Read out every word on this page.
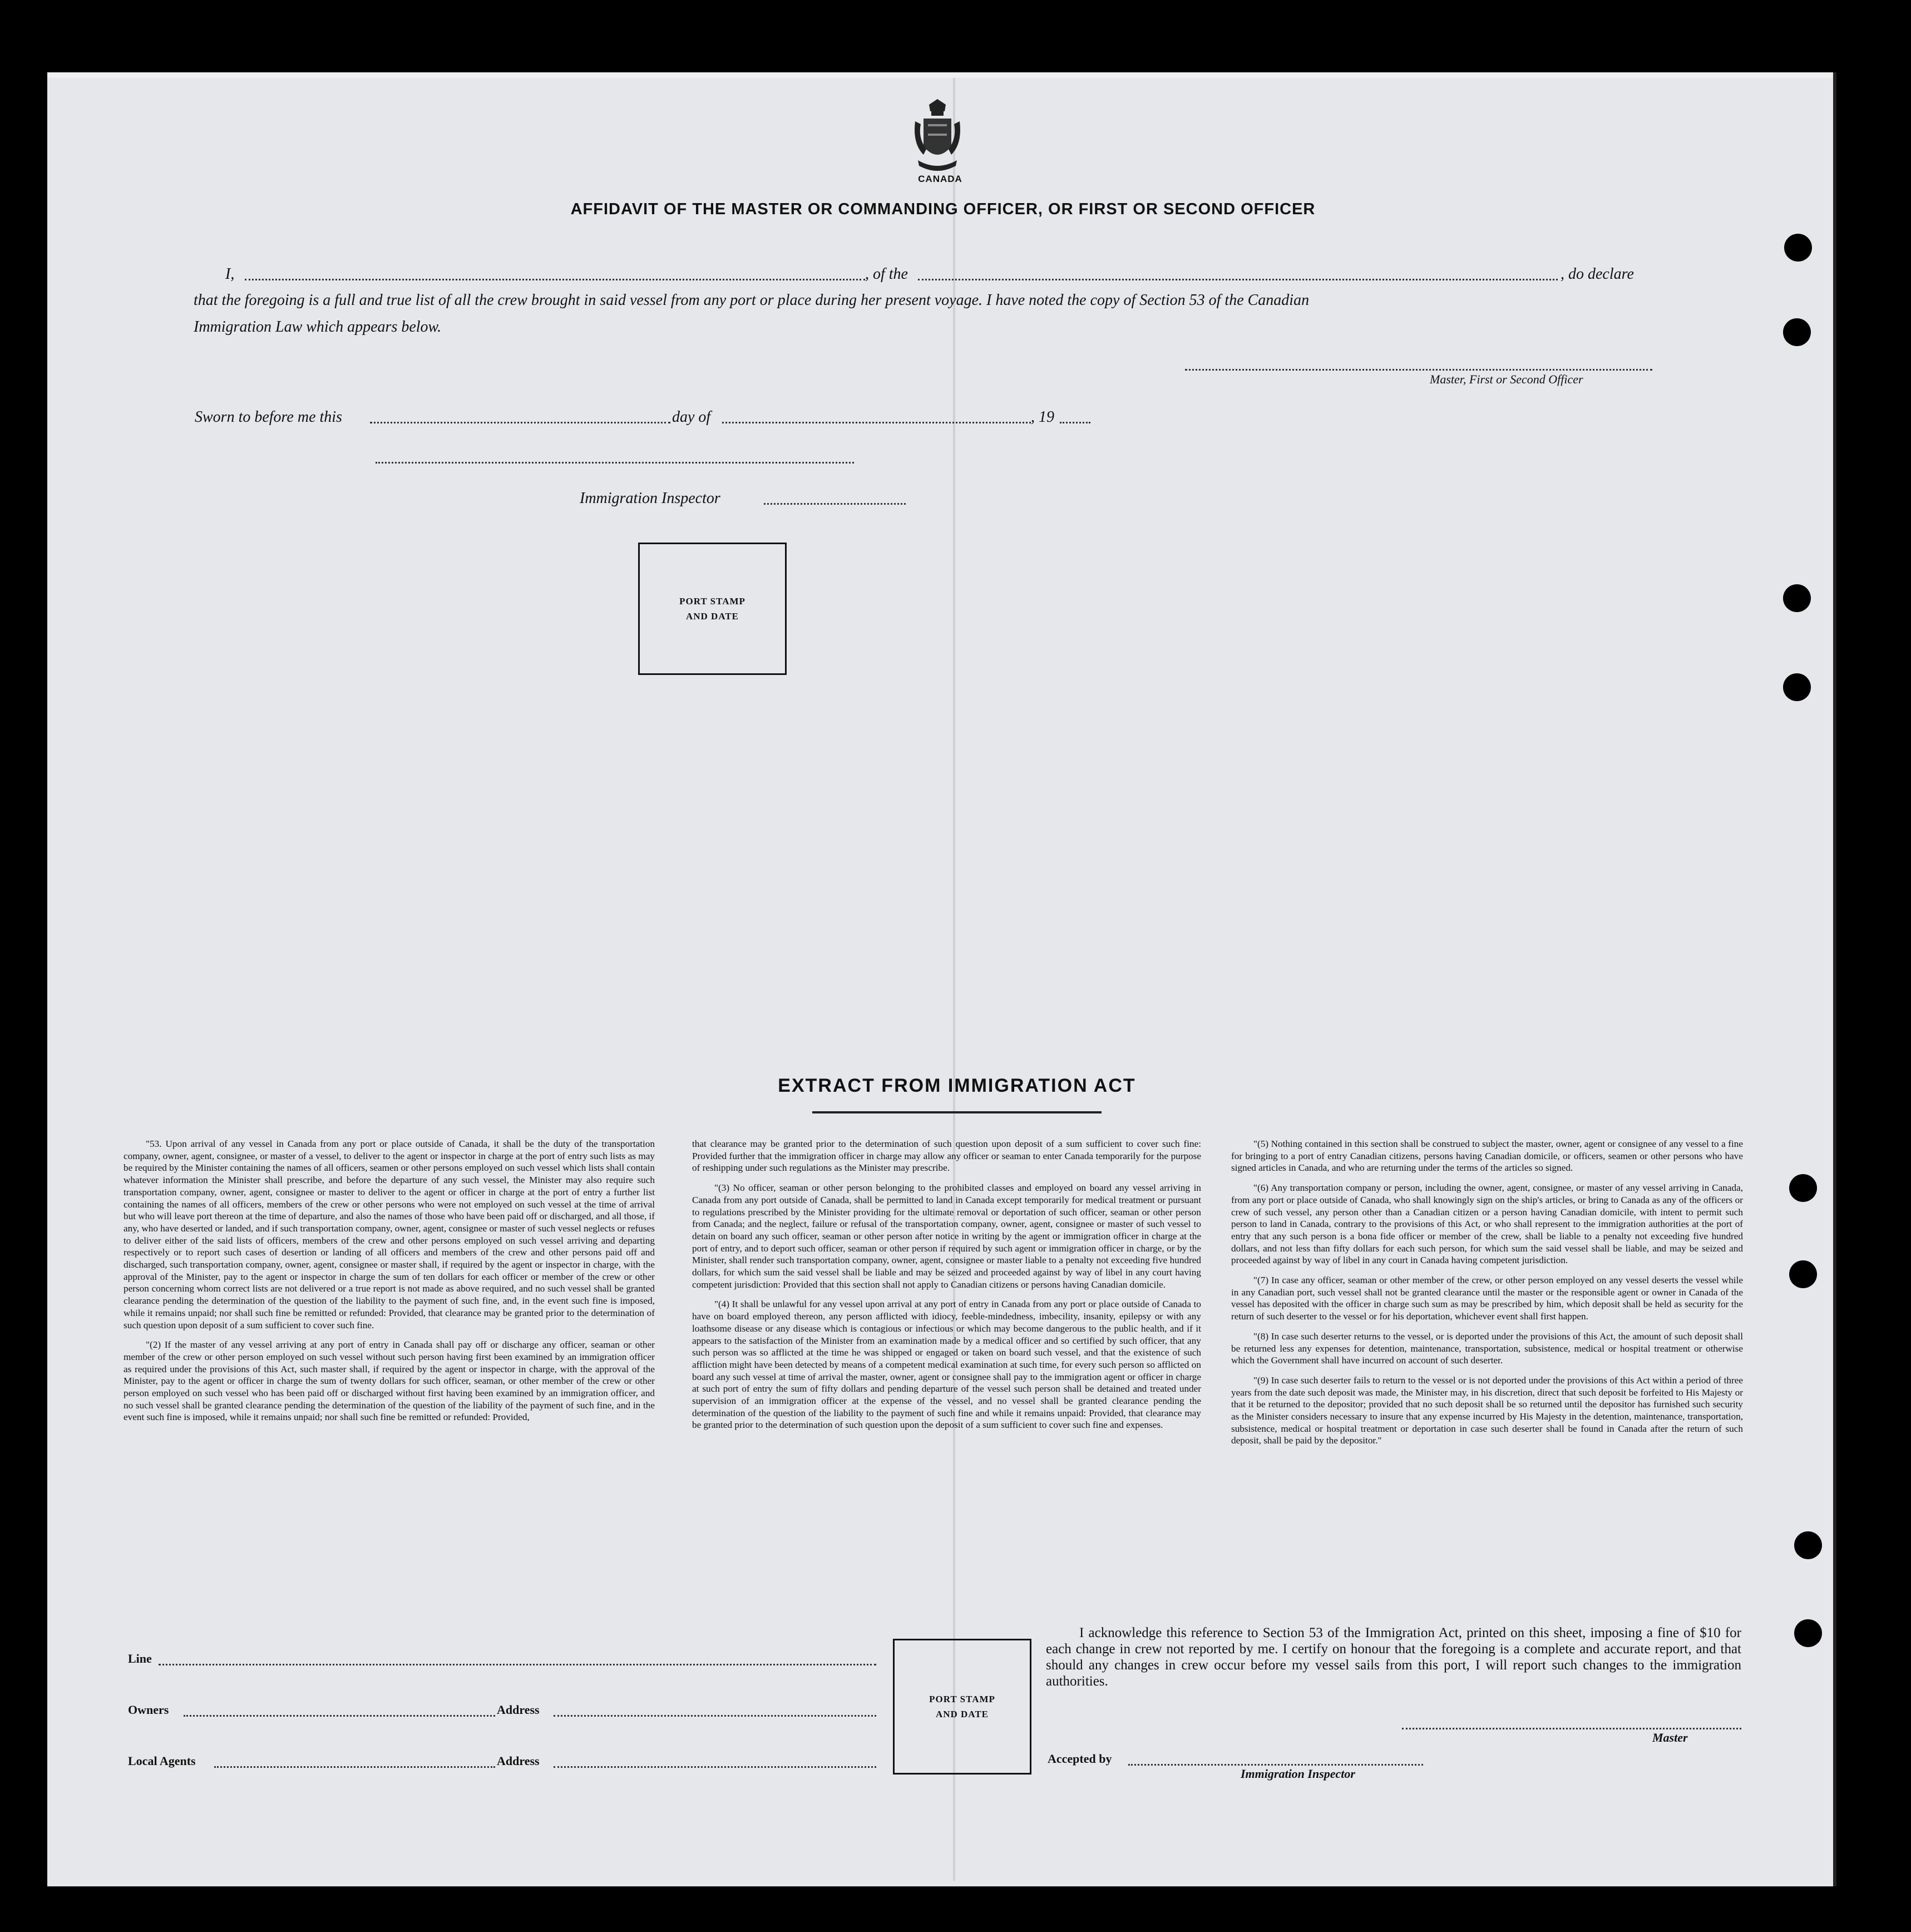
CANADA
AFFIDAVIT OF THE MASTER OR COMMANDING OFFICER, OR FIRST OR SECOND OFFICER
I,	, of the	, do declare
that the foregoing is a full and true list of all the crew brought in said vessel from any port or place during her present voyage. I have noted the copy of Section 53 of the Canadian
Immigration Law which appears below.
Master, First or Second Officer
Sworn to before me this	day of	, 19
Immigration Inspector
PORT STAMP
AND DATE
EXTRACT FROM IMMIGRATION ACT

"53. Upon arrival of any vessel in Canada from any port or place outside of Canada, it shall be the duty of the transportation company, owner, agent, consignee, or master of a vessel, to deliver to the agent or inspector in charge at the port of entry such lists as may be required by the Minister containing the names of all officers, seamen or other persons employed on such vessel which lists shall contain whatever information the Minister shall prescribe, and before the departure of any such vessel, the Minister may also require such transportation company, owner, agent, consignee or master to deliver to the agent or officer in charge at the port of entry a further list containing the names of all officers, members of the crew or other persons who were not employed on such vessel at the time of arrival but who will leave port thereon at the time of departure, and also the names of those who have been paid off or discharged, and all those, if any, who have deserted or landed, and if such transportation company, owner, agent, consignee or master of such vessel neglects or refuses to deliver either of the said lists of officers, members of the crew and other persons employed on such vessel arriving and departing respectively or to report such cases of desertion or landing of all officers and members of the crew and other persons paid off and discharged, such transportation company, owner, agent, consignee or master shall, if required by the agent or inspector in charge, with the approval of the Minister, pay to the agent or inspector in charge the sum of ten dollars for each officer or member of the crew or other person concerning whom correct lists are not delivered or a true report is not made as above required, and no such vessel shall be granted clearance pending the determination of the question of the liability to the payment of such fine, and, in the event such fine is imposed, while it remains unpaid; nor shall such fine be remitted or refunded: Provided, that clearance may be granted prior to the determination of such question upon deposit of a sum sufficient to cover such fine.

"(2) If the master of any vessel arriving at any port of entry in Canada shall pay off or discharge any officer, seaman or other member of the crew or other person employed on such vessel without such person having first been examined by an immigration officer as required under the provisions of this Act, such master shall, if required by the agent or inspector in charge, with the approval of the Minister, pay to the agent or officer in charge the sum of twenty dollars for such officer, seaman, or other member of the crew or other person employed on such vessel who has been paid off or discharged without first having been examined by an immigration officer, and no such vessel shall be granted clearance pending the determination of the question of the liability of the payment of such fine, and in the event such fine is imposed, while it remains unpaid; nor shall such fine be remitted or refunded: Provided,

that clearance may be granted prior to the determination of such question upon deposit of a sum sufficient to cover such fine: Provided further that the immigration officer in charge may allow any officer or seaman to enter Canada temporarily for the purpose of reshipping under such regulations as the Minister may prescribe.

"(3) No officer, seaman or other person belonging to the prohibited classes and employed on board any vessel arriving in Canada from any port outside of Canada, shall be permitted to land in Canada except temporarily for medical treatment or pursuant to regulations prescribed by the Minister providing for the ultimate removal or deportation of such officer, seaman or other person from Canada; and the neglect, failure or refusal of the transportation company, owner, agent, consignee or master of such vessel to detain on board any such officer, seaman or other person after notice in writing by the agent or immigration officer in charge at the port of entry, and to deport such officer, seaman or other person if required by such agent or immigration officer in charge, or by the Minister, shall render such transportation company, owner, agent, consignee or master liable to a penalty not exceeding five hundred dollars, for which sum the said vessel shall be liable and may be seized and proceeded against by way of libel in any court having competent jurisdiction: Provided that this section shall not apply to Canadian citizens or persons having Canadian domicile.

"(4) It shall be unlawful for any vessel upon arrival at any port of entry in Canada from any port or place outside of Canada to have on board employed thereon, any person afflicted with idiocy, feeble-mindedness, imbecility, insanity, epilepsy or with any loathsome disease or any disease which is contagious or infectious or which may become dangerous to the public health, and if it appears to the satisfaction of the Minister from an examination made by a medical officer and so certified by such officer, that any such person was so afflicted at the time he was shipped or engaged or taken on board such vessel, and that the existence of such affliction might have been detected by means of a competent medical examination at such time, for every such person so afflicted on board any such vessel at time of arrival the master, owner, agent or consignee shall pay to the immigration agent or officer in charge at such port of entry the sum of fifty dollars and pending departure of the vessel such person shall be detained and treated under supervision of an immigration officer at the expense of the vessel, and no vessel shall be granted clearance pending the determination of the question of the liability to the payment of such fine and while it remains unpaid: Provided, that clearance may be granted prior to the determination of such question upon the deposit of a sum sufficient to cover such fine and expenses.

"(5) Nothing contained in this section shall be construed to subject the master, owner, agent or consignee of any vessel to a fine for bringing to a port of entry Canadian citizens, persons having Canadian domicile, or officers, seamen or other persons who have signed articles in Canada, and who are returning under the terms of the articles so signed.

"(6) Any transportation company or person, including the owner, agent, consignee, or master of any vessel arriving in Canada, from any port or place outside of Canada, who shall knowingly sign on the ship's articles, or bring to Canada as any of the officers or crew of such vessel, any person other than a Canadian citizen or a person having Canadian domicile, with intent to permit such person to land in Canada, contrary to the provisions of this Act, or who shall represent to the immigration authorities at the port of entry that any such person is a bona fide officer or member of the crew, shall be liable to a penalty not exceeding five hundred dollars, and not less than fifty dollars for each such person, for which sum the said vessel shall be liable, and may be seized and proceeded against by way of libel in any court in Canada having competent jurisdiction.

"(7) In case any officer, seaman or other member of the crew, or other person employed on any vessel deserts the vessel while in any Canadian port, such vessel shall not be granted clearance until the master or the responsible agent or owner in Canada of the vessel has deposited with the officer in charge such sum as may be prescribed by him, which deposit shall be held as security for the return of such deserter to the vessel or for his deportation, whichever event shall first happen.

"(8) In case such deserter returns to the vessel, or is deported under the provisions of this Act, the amount of such deposit shall be returned less any expenses for detention, maintenance, transportation, subsistence, medical or hospital treatment or otherwise which the Government shall have incurred on account of such deserter.

"(9) In case such deserter fails to return to the vessel or is not deported under the provisions of this Act within a period of three years from the date such deposit was made, the Minister may, in his discretion, direct that such deposit be forfeited to His Majesty or that it be returned to the depositor; provided that no such deposit shall be so returned until the depositor has furnished such security as the Minister considers necessary to insure that any expense incurred by His Majesty in the detention, maintenance, transportation, subsistence, medical or hospital treatment or deportation in case such deserter shall be found in Canada after the return of such deposit, shall be paid by the depositor."

Line
Owners	Address
Local Agents	Address
PORT STAMP
AND DATE

I acknowledge this reference to Section 53 of the Immigration Act, printed on this sheet, imposing a fine of $10 for each change in crew not reported by me. I certify on honour that the foregoing is a complete and accurate report, and that should any changes in crew occur before my vessel sails from this port, I will report such changes to the immigration authorities.

Master
Accepted by
Immigration Inspector
